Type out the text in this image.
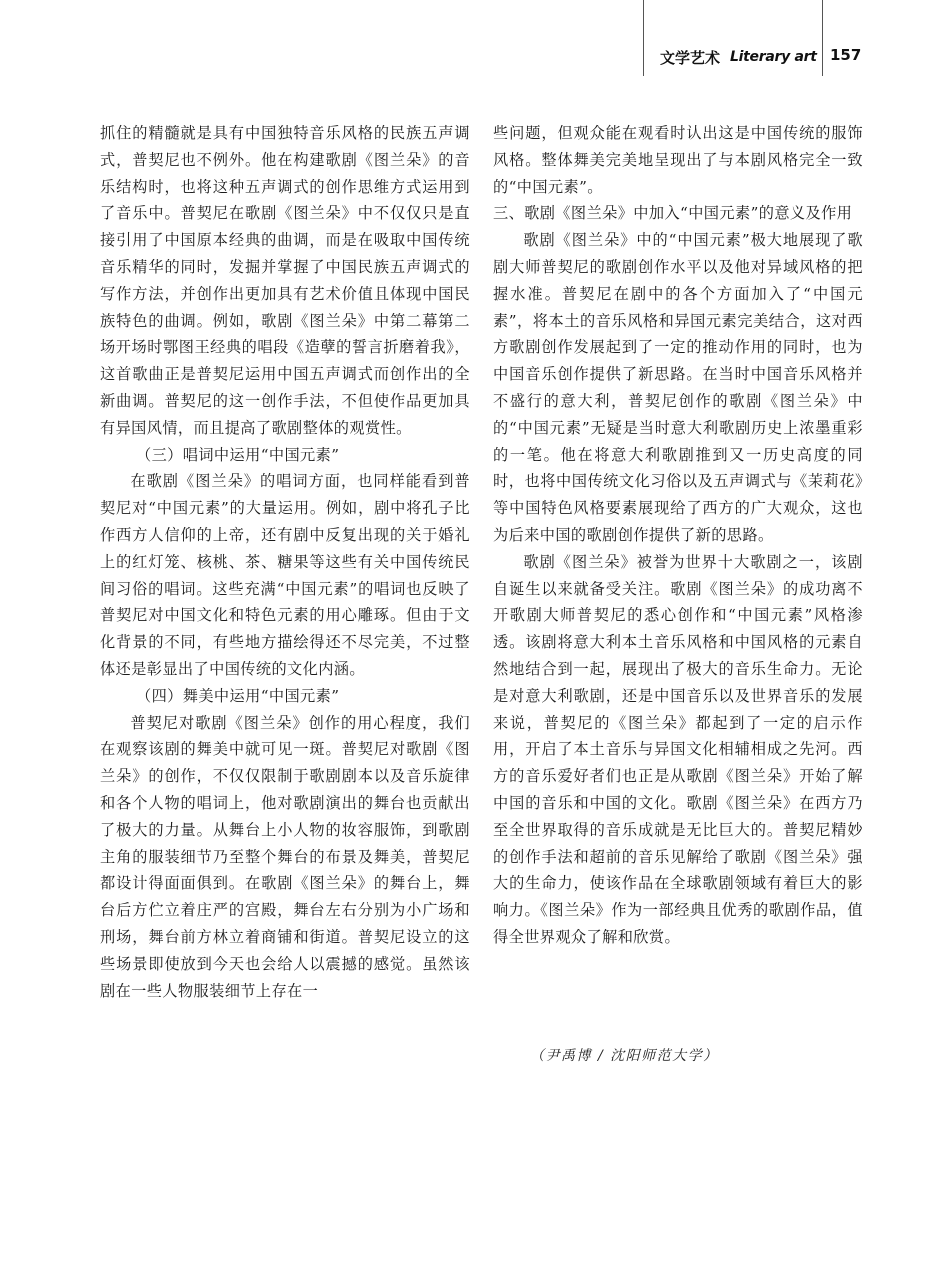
文学艺术 Literary art 157

抓住的精髓就是具有中国独特音乐风格的民族五声调式，普契尼也不例外。他在构建歌剧《图兰朵》的音乐结构时，也将这种五声调式的创作思维方式运用到了音乐中。普契尼在歌剧《图兰朵》中不仅仅只是直接引用了中国原本经典的曲调，而是在吸取中国传统音乐精华的同时，发掘并掌握了中国民族五声调式的写作方法，并创作出更加具有艺术价值且体现中国民族特色的曲调。例如，歌剧《图兰朵》中第二幕第二场开场时鄂图王经典的唱段《造孽的誓言折磨着我》，这首歌曲正是普契尼运用中国五声调式而创作出的全新曲调。普契尼的这一创作手法，不但使作品更加具有异国风情，而且提高了歌剧整体的观赏性。

（三）唱词中运用“中国元素”

在歌剧《图兰朵》的唱词方面，也同样能看到普契尼对“中国元素”的大量运用。例如，剧中将孔子比作西方人信仰的上帝，还有剧中反复出现的关于婚礼上的红灯笼、核桃、茶、糖果等这些有关中国传统民间习俗的唱词。这些充满“中国元素”的唱词也反映了普契尼对中国文化和特色元素的用心雕琢。但由于文化背景的不同，有些地方描绘得还不尽完美，不过整体还是彰显出了中国传统的文化内涵。

（四）舞美中运用“中国元素”

普契尼对歌剧《图兰朵》创作的用心程度，我们在观察该剧的舞美中就可见一斑。普契尼对歌剧《图兰朵》的创作，不仅仅限制于歌剧剧本以及音乐旋律和各个人物的唱词上，他对歌剧演出的舞台也贡献出了极大的力量。从舞台上小人物的妆容服饰，到歌剧主角的服装细节乃至整个舞台的布景及舞美，普契尼都设计得面面俱到。在歌剧《图兰朵》的舞台上，舞台后方伫立着庄严的宫殿，舞台左右分别为小广场和刑场，舞台前方林立着商铺和街道。普契尼设立的这些场景即使放到今天也会给人以震撼的感觉。虽然该剧在一些人物服装细节上存在一

些问题，但观众能在观看时认出这是中国传统的服饰风格。整体舞美完美地呈现出了与本剧风格完全一致的“中国元素”。

三、歌剧《图兰朵》中加入“中国元素”的意义及作用

歌剧《图兰朵》中的“中国元素”极大地展现了歌剧大师普契尼的歌剧创作水平以及他对异域风格的把握水准。普契尼在剧中的各个方面加入了“中国元素”，将本土的音乐风格和异国元素完美结合，这对西方歌剧创作发展起到了一定的推动作用的同时，也为中国音乐创作提供了新思路。在当时中国音乐风格并不盛行的意大利，普契尼创作的歌剧《图兰朵》中的“中国元素”无疑是当时意大利歌剧历史上浓墨重彩的一笔。他在将意大利歌剧推到又一历史高度的同时，也将中国传统文化习俗以及五声调式与《茉莉花》等中国特色风格要素展现给了西方的广大观众，这也为后来中国的歌剧创作提供了新的思路。

歌剧《图兰朵》被誉为世界十大歌剧之一，该剧自诞生以来就备受关注。歌剧《图兰朵》的成功离不开歌剧大师普契尼的悉心创作和“中国元素”风格渗透。该剧将意大利本土音乐风格和中国风格的元素自然地结合到一起，展现出了极大的音乐生命力。无论是对意大利歌剧，还是中国音乐以及世界音乐的发展来说，普契尼的《图兰朵》都起到了一定的启示作用，开启了本土音乐与异国文化相辅相成之先河。西方的音乐爱好者们也正是从歌剧《图兰朵》开始了解中国的音乐和中国的文化。歌剧《图兰朵》在西方乃至全世界取得的音乐成就是无比巨大的。普契尼精妙的创作手法和超前的音乐见解给了歌剧《图兰朵》强大的生命力，使该作品在全球歌剧领域有着巨大的影响力。《图兰朵》作为一部经典且优秀的歌剧作品，值得全世界观众了解和欣赏。

（尹禹博 / 沈阳师范大学）
